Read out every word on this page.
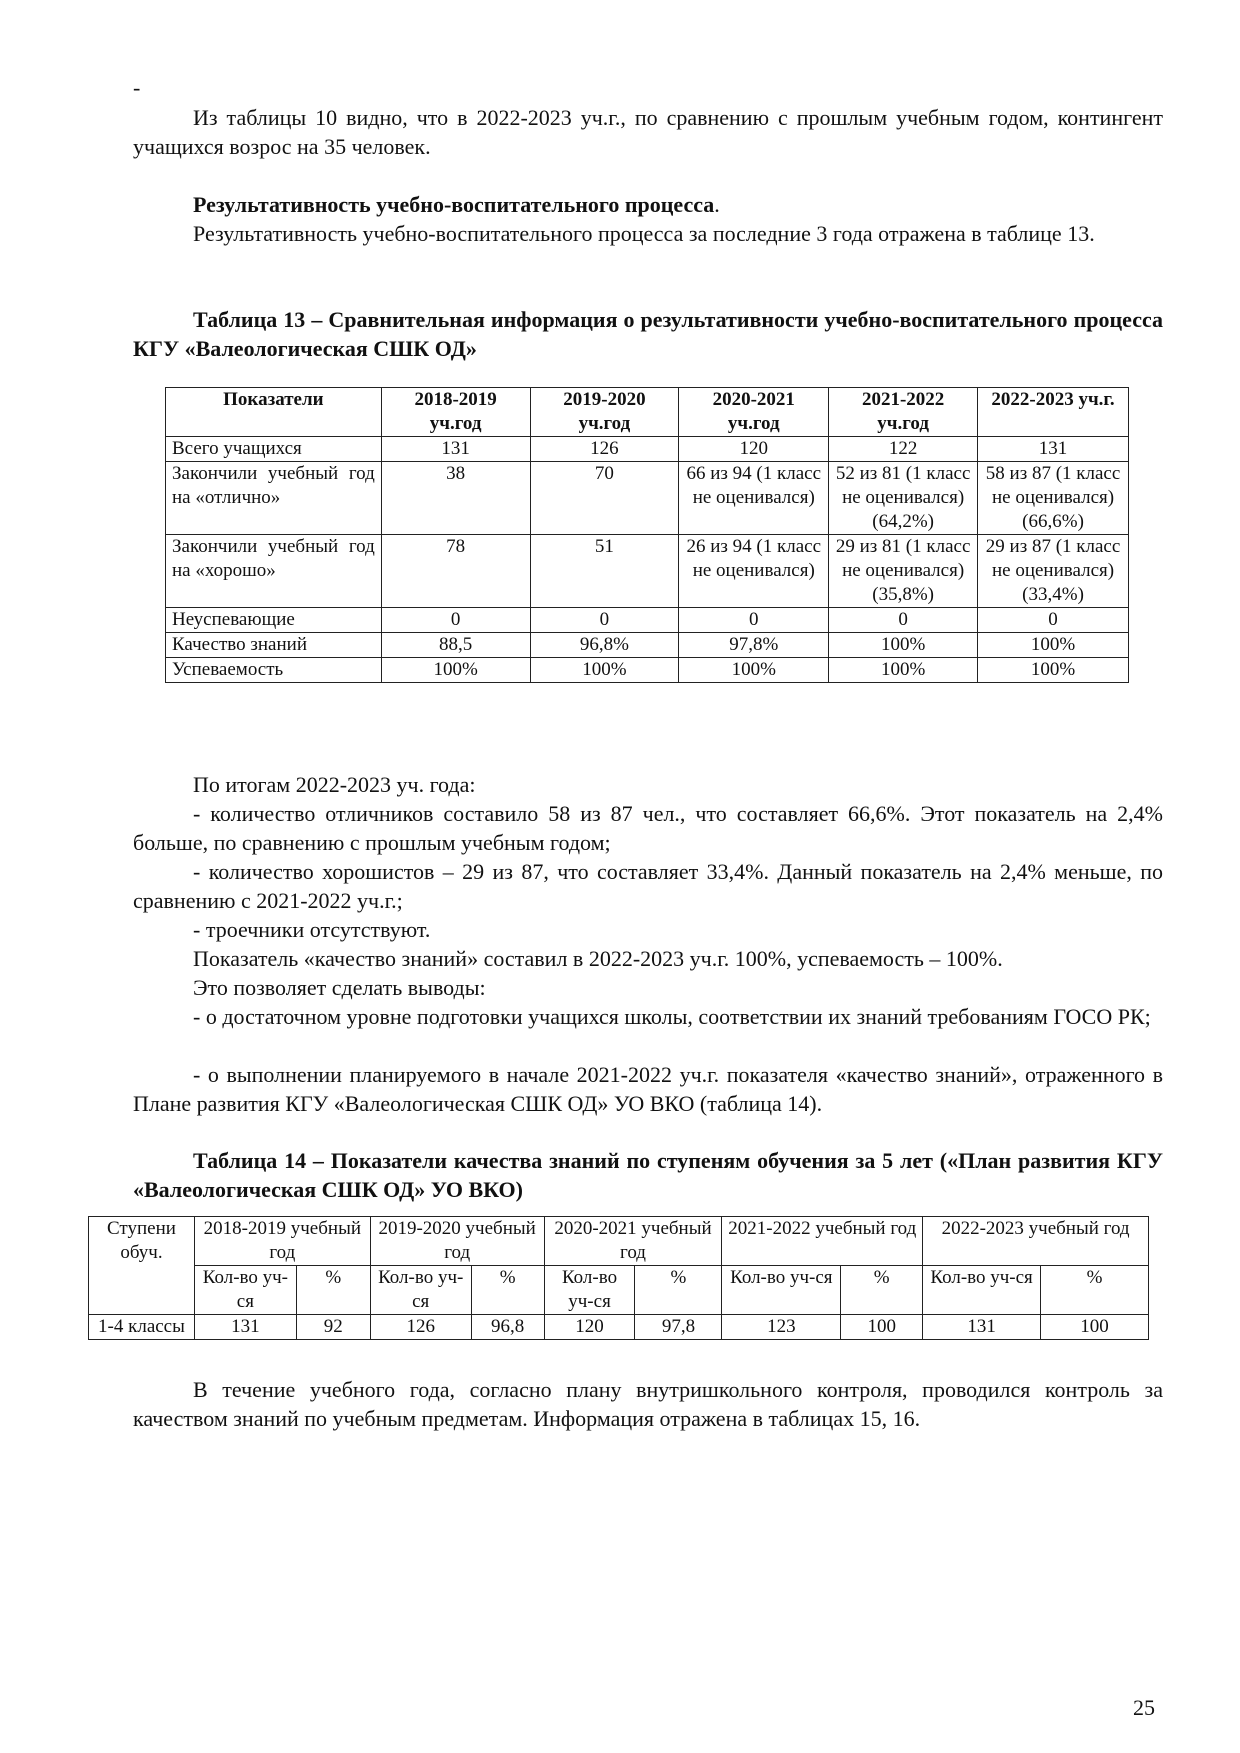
-

Из таблицы 10 видно, что в 2022-2023 уч.г., по сравнению с прошлым учебным годом, контингент учащихся возрос на 35 человек.

Результативность учебно-воспитательного процесса.

Результативность учебно-воспитательного процесса за последние 3 года отражена в таблице 13.

Таблица 13 – Сравнительная информация о результативности учебно-воспитательного процесса КГУ «Валеологическая СШК ОД»

Показатели	2018-2019 уч.год	2019-2020 уч.год	2020-2021 уч.год	2021-2022 уч.год	2022-2023 уч.г.
Всего учащихся	131	126	120	122	131
Закончили учебный год на «отлично»	38	70	66 из 94 (1 класс не оценивался)	52 из 81 (1 класс не оценивался) (64,2%)	58 из 87 (1 класс не оценивался) (66,6%)
Закончили учебный год на «хорошо»	78	51	26 из 94 (1 класс не оценивался)	29 из 81 (1 класс не оценивался) (35,8%)	29 из 87 (1 класс не оценивался) (33,4%)
Неуспевающие	0	0	0	0	0
Качество знаний	88,5	96,8%	97,8%	100%	100%
Успеваемость	100%	100%	100%	100%	100%

По итогам 2022-2023 уч. года:

- количество отличников составило 58 из 87 чел., что составляет 66,6%. Этот показатель на 2,4% больше, по сравнению с прошлым учебным годом;

- количество хорошистов – 29 из 87, что составляет 33,4%. Данный показатель на 2,4% меньше, по сравнению с 2021-2022 уч.г.;

- троечники отсутствуют.

Показатель «качество знаний» составил в 2022-2023 уч.г. 100%, успеваемость – 100%.

Это позволяет сделать выводы:

- о достаточном уровне подготовки учащихся школы, соответствии их знаний требованиям ГОСО РК;

- о выполнении планируемого в начале 2021-2022 уч.г. показателя «качество знаний», отраженного в Плане развития КГУ «Валеологическая СШК ОД» УО ВКО (таблица 14).

Таблица 14 – Показатели качества знаний по ступеням обучения за 5 лет («План развития КГУ «Валеологическая СШК ОД» УО ВКО)

Ступени обуч.	2018-2019 учебный год		2019-2020 учебный год		2020-2021 учебный год		2021-2022 учебный год		2022-2023 учебный год	
	Кол-во уч-ся	%	Кол-во уч-ся	%	Кол-во уч-ся	%	Кол-во уч-ся	%	Кол-во уч-ся	%
1-4 классы	131	92	126	96,8	120	97,8	123	100	131	100

В течение учебного года, согласно плану внутришкольного контроля, проводился контроль за качеством знаний по учебным предметам. Информация отражена в таблицах 15, 16.

25
